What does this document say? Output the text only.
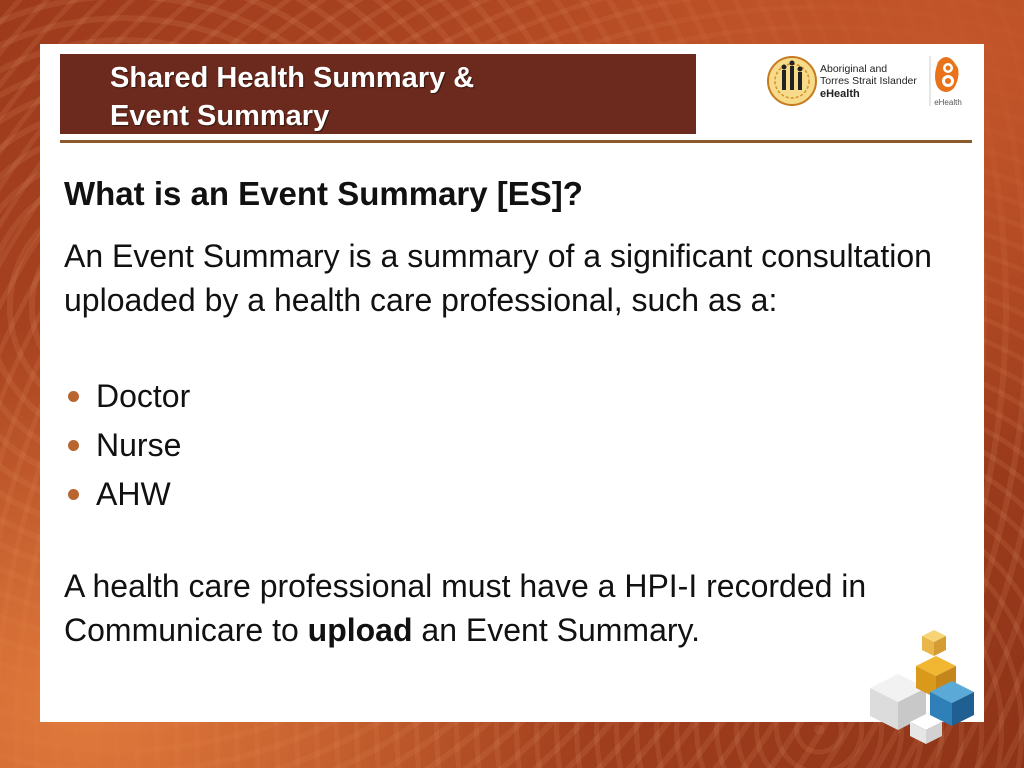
Shared Health Summary &
Event Summary
Aboriginal and
Torres Strait Islander
eHealth
eHealth
What is an Event Summary [ES]?

An Event Summary is a summary of a significant consultation uploaded by a health care professional, such as a:

Doctor
Nurse
AHW

A health care professional must have a HPI-I recorded in Communicare to upload an Event Summary.
